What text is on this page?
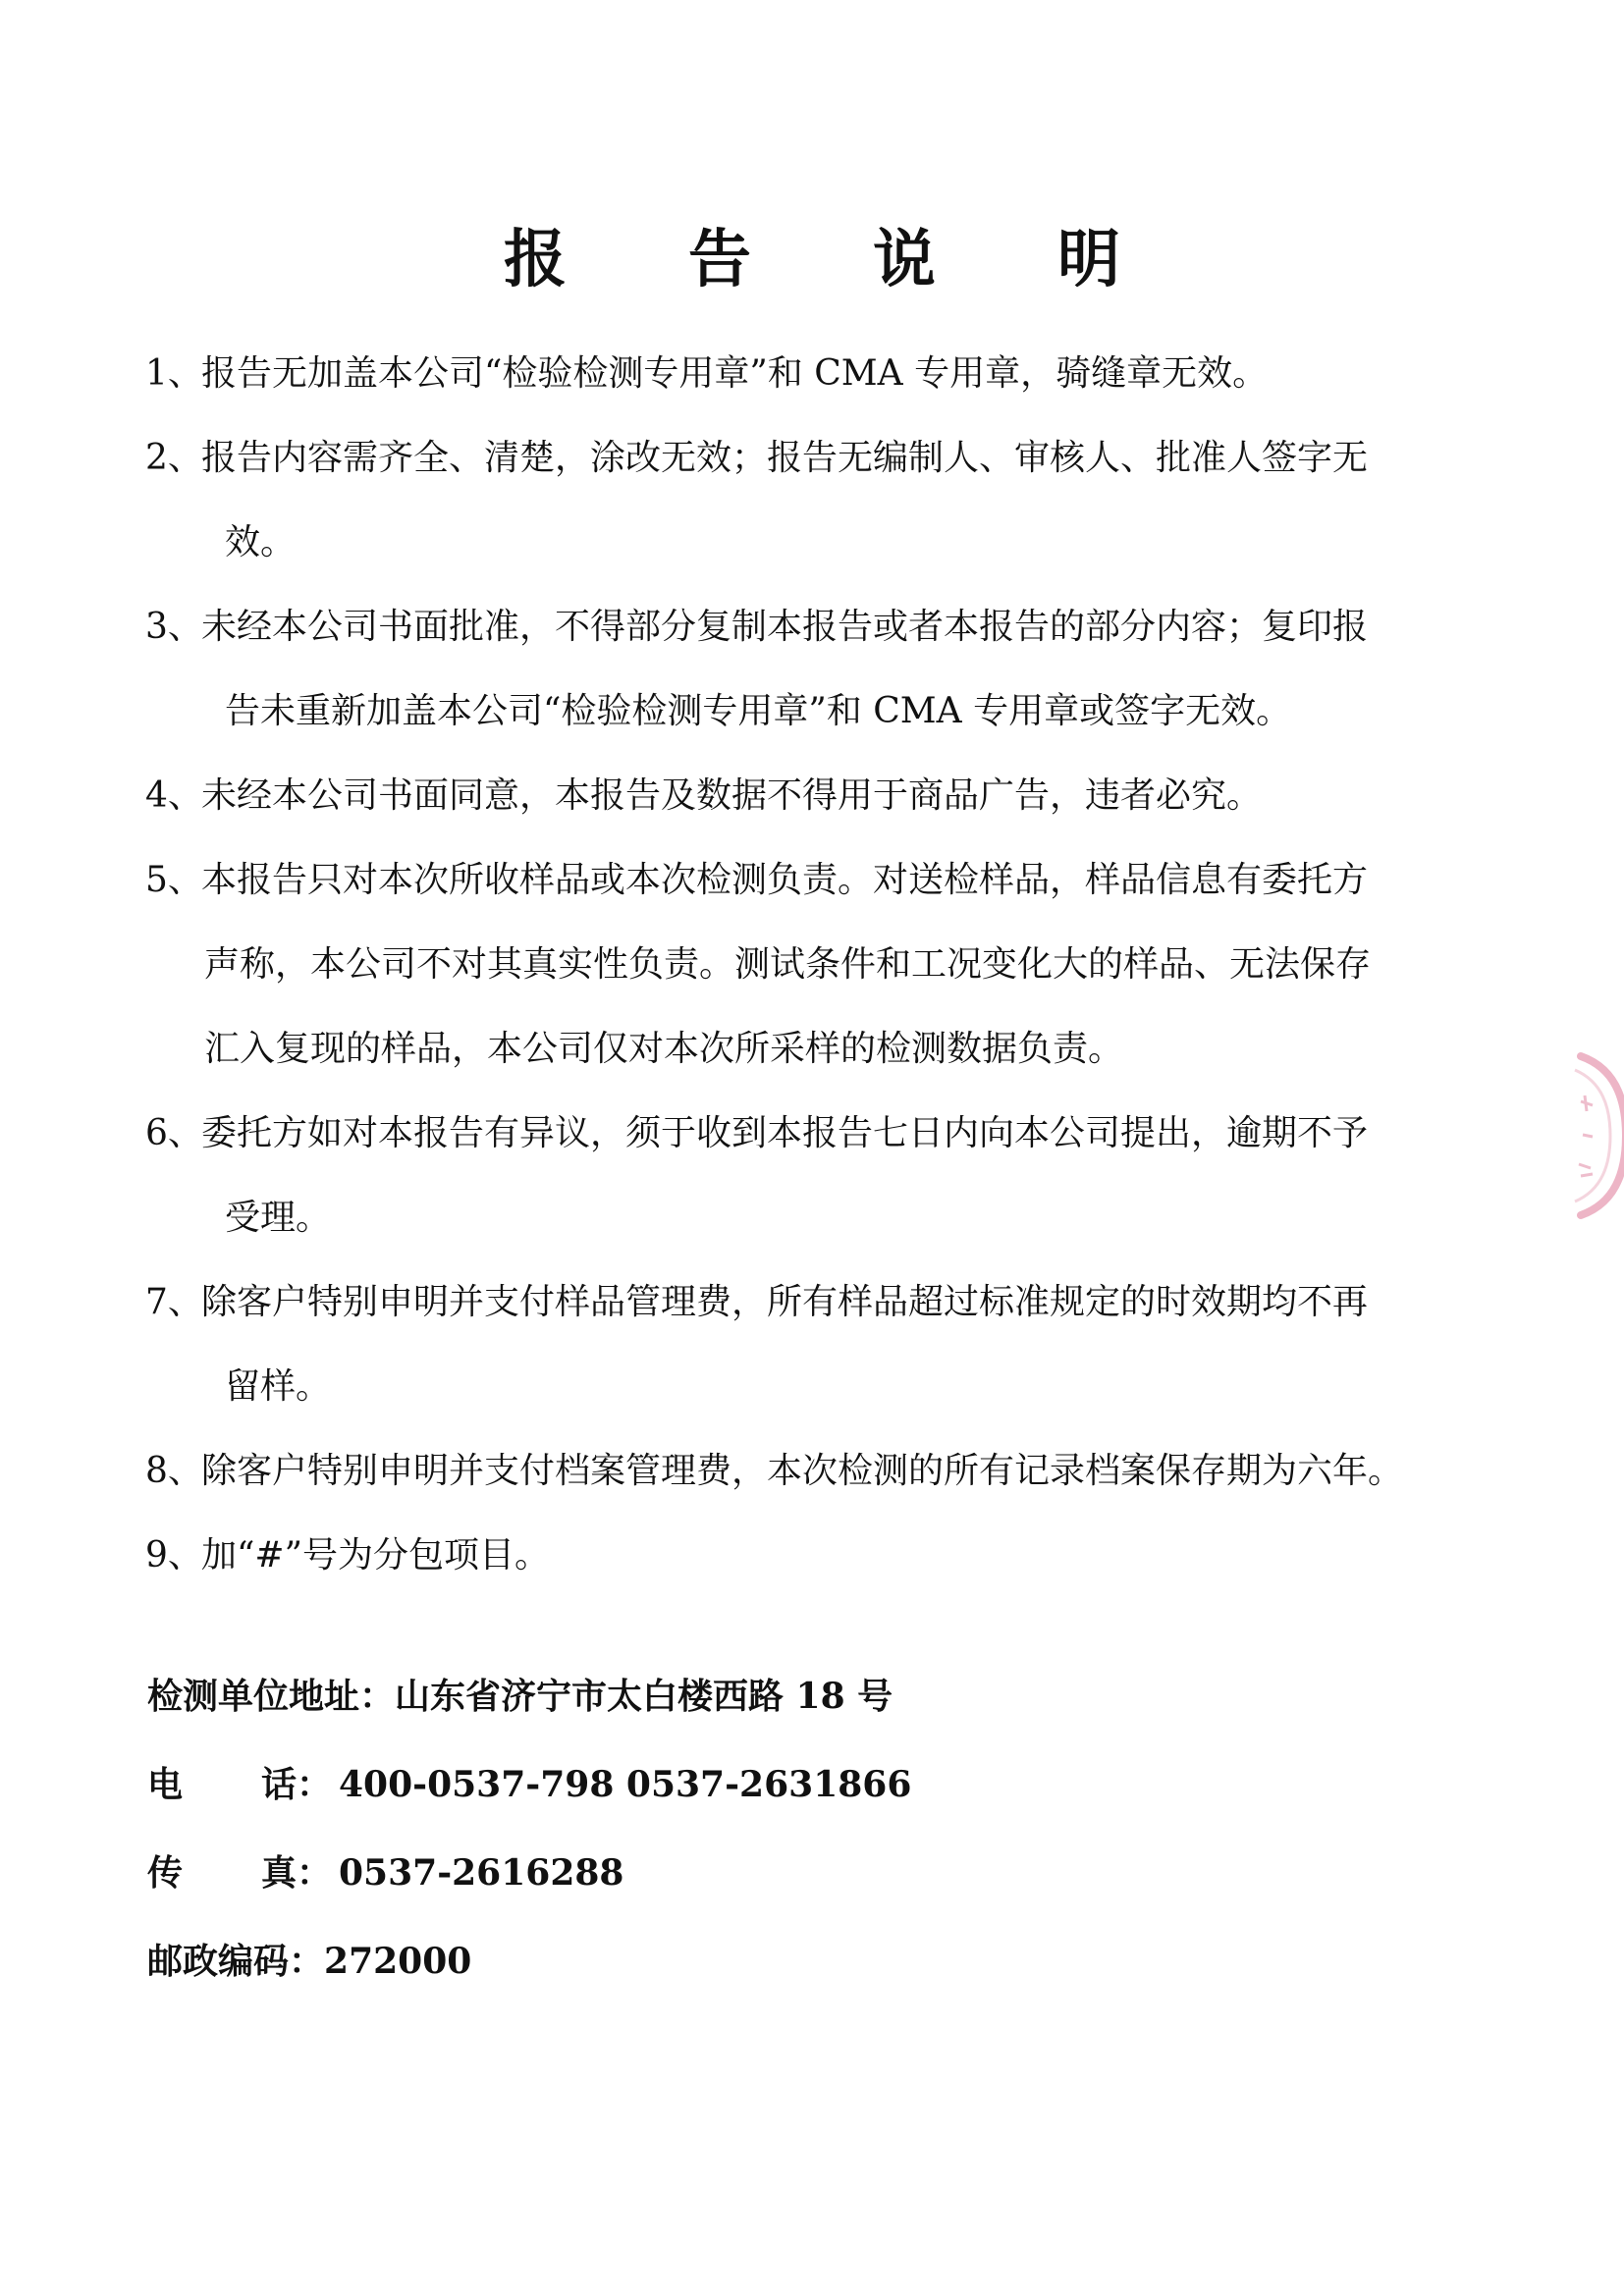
报 告 说 明
1、报告无加盖本公司“检验检测专用章”和 CMA 专用章，骑缝章无效。
2、报告内容需齐全、清楚，涂改无效；报告无编制人、审核人、批准人签字无
效。
3、未经本公司书面批准，不得部分复制本报告或者本报告的部分内容；复印报
告未重新加盖本公司“检验检测专用章”和 CMA 专用章或签字无效。
4、未经本公司书面同意，本报告及数据不得用于商品广告，违者必究。
5、本报告只对本次所收样品或本次检测负责。对送检样品，样品信息有委托方
声称，本公司不对其真实性负责。测试条件和工况变化大的样品、无法保存
汇入复现的样品，本公司仅对本次所采样的检测数据负责。
6、委托方如对本报告有异议，须于收到本报告七日内向本公司提出，逾期不予
受理。
7、除客户特别申明并支付样品管理费，所有样品超过标准规定的时效期均不再
留样。
8、除客户特别申明并支付档案管理费，本次检测的所有记录档案保存期为六年。
9、加“#”号为分包项目。
检测单位地址：山东省济宁市太白楼西路 18 号
电 话： 400-0537-798 0537-2631866
传 真： 0537-2616288
邮政编码：272000
